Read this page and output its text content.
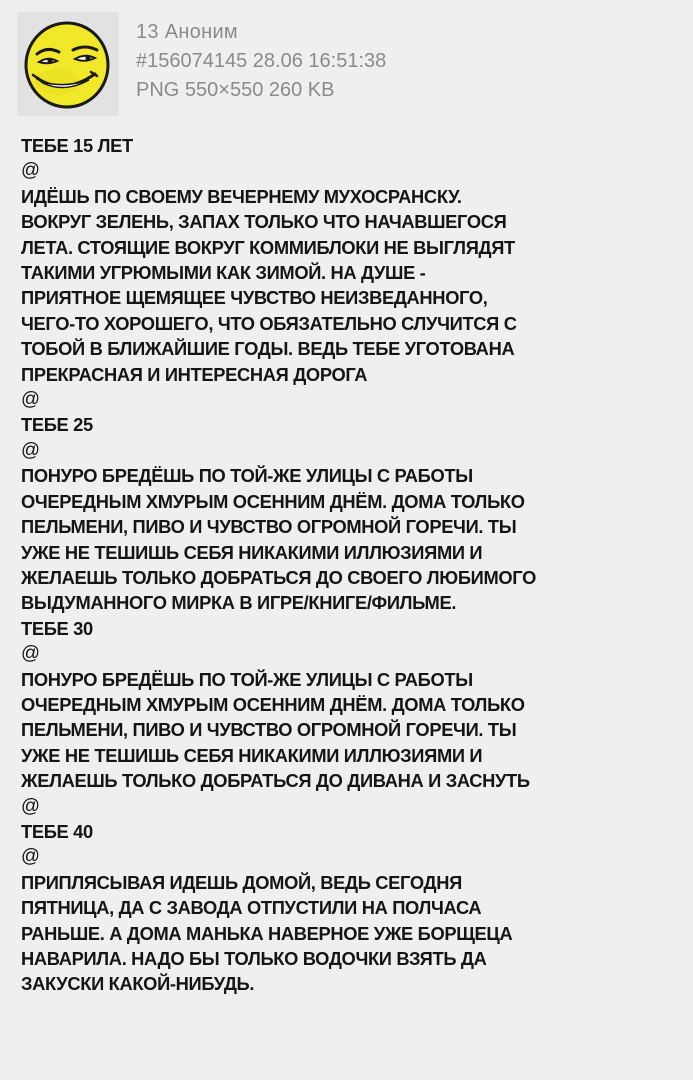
13 Аноним
#156074145 28.06 16:51:38
PNG 550×550 260 KB
ТЕБЕ 15 ЛЕТ
@
ИДЁШЬ ПО СВОЕМУ ВЕЧЕРНЕМУ МУХОСРАНСКУ.
ВОКРУГ ЗЕЛЕНЬ, ЗАПАХ ТОЛЬКО ЧТО НАЧАВШЕГОСЯ
ЛЕТА. СТОЯЩИЕ ВОКРУГ КОММИБЛОКИ НЕ ВЫГЛЯДЯТ
ТАКИМИ УГРЮМЫМИ КАК ЗИМОЙ. НА ДУШЕ -
ПРИЯТНОЕ ЩЕМЯЩЕЕ ЧУВСТВО НЕИЗВЕДАННОГО,
ЧЕГО-ТО ХОРОШЕГО, ЧТО ОБЯЗАТЕЛЬНО СЛУЧИТСЯ С
ТОБОЙ В БЛИЖАЙШИЕ ГОДЫ. ВЕДЬ ТЕБЕ УГОТОВАНА
ПРЕКРАСНАЯ И ИНТЕРЕСНАЯ ДОРОГА
@
ТЕБЕ 25
@
ПОНУРО БРЕДЁШЬ ПО ТОЙ-ЖЕ УЛИЦЫ С РАБОТЫ
ОЧЕРЕДНЫМ ХМУРЫМ ОСЕННИМ ДНЁМ. ДОМА ТОЛЬКО
ПЕЛЬМЕНИ, ПИВО И ЧУВСТВО ОГРОМНОЙ ГОРЕЧИ. ТЫ
УЖЕ НЕ ТЕШИШЬ СЕБЯ НИКАКИМИ ИЛЛЮЗИЯМИ И
ЖЕЛАЕШЬ ТОЛЬКО ДОБРАТЬСЯ ДО СВОЕГО ЛЮБИМОГО
ВЫДУМАННОГО МИРКА В ИГРЕ/КНИГЕ/ФИЛЬМЕ.
ТЕБЕ 30
@
ПОНУРО БРЕДЁШЬ ПО ТОЙ-ЖЕ УЛИЦЫ С РАБОТЫ
ОЧЕРЕДНЫМ ХМУРЫМ ОСЕННИМ ДНЁМ. ДОМА ТОЛЬКО
ПЕЛЬМЕНИ, ПИВО И ЧУВСТВО ОГРОМНОЙ ГОРЕЧИ. ТЫ
УЖЕ НЕ ТЕШИШЬ СЕБЯ НИКАКИМИ ИЛЛЮЗИЯМИ И
ЖЕЛАЕШЬ ТОЛЬКО ДОБРАТЬСЯ ДО ДИВАНА И ЗАСНУТЬ
@
ТЕБЕ 40
@
ПРИПЛЯСЫВАЯ ИДЕШЬ ДОМОЙ, ВЕДЬ СЕГОДНЯ
ПЯТНИЦА, ДА С ЗАВОДА ОТПУСТИЛИ НА ПОЛЧАСА
РАНЬШЕ. А ДОМА МАНЬКА НАВЕРНОЕ УЖЕ БОРЩЕЦА
НАВАРИЛА. НАДО БЫ ТОЛЬКО ВОДОЧКИ ВЗЯТЬ ДА
ЗАКУСКИ КАКОЙ-НИБУДЬ.
